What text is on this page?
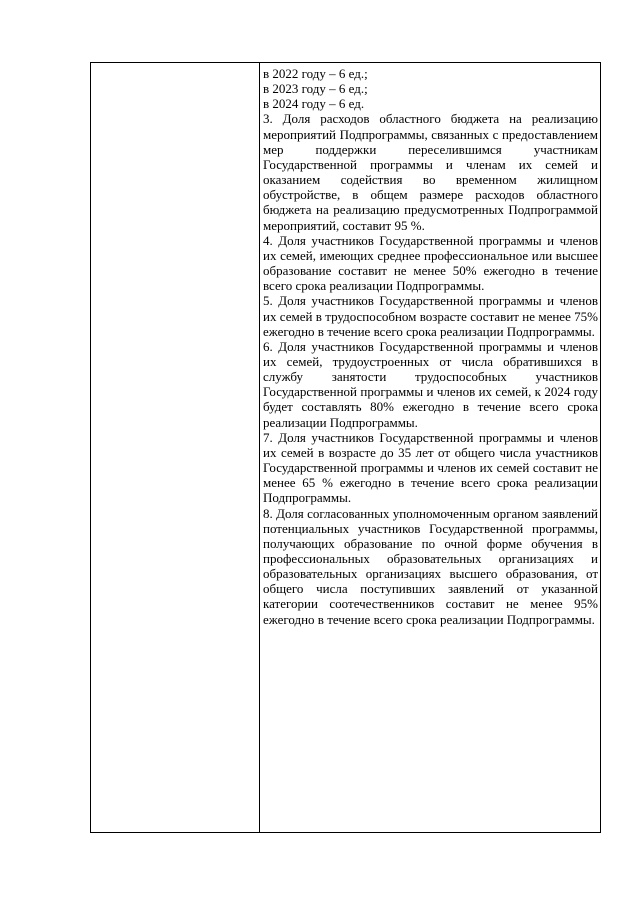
в 2022 году – 6 ед.;
в 2023 году – 6 ед.;
в 2024 году – 6 ед.
3. Доля расходов областного бюджета на реализацию мероприятий Подпрограммы, связанных с предоставлением мер поддержки переселившимся участникам Государственной программы и членам их семей и оказанием содействия во временном жилищном обустройстве, в общем размере расходов областного бюджета на реализацию предусмотренных Подпрограммой мероприятий, составит 95 %.
4. Доля участников Государственной программы и членов их семей, имеющих среднее профессиональное или высшее образование составит не менее 50% ежегодно в течение всего срока реализации Подпрограммы.
5. Доля участников Государственной программы и членов их семей в трудоспособном возрасте составит не менее 75% ежегодно в течение всего срока реализации Подпрограммы.
6. Доля участников Государственной программы и членов их семей, трудоустроенных от числа обратившихся в службу занятости трудоспособных участников Государственной программы и членов их семей, к 2024 году будет составлять 80% ежегодно в течение всего срока реализации Подпрограммы.
7. Доля участников Государственной программы и членов их семей в возрасте до 35 лет от общего числа участников Государственной программы и членов их семей составит не менее 65 % ежегодно в течение всего срока реализации Подпрограммы.
8. Доля согласованных уполномоченным органом заявлений потенциальных участников Государственной программы, получающих образование по очной форме обучения в профессиональных образовательных организациях и образовательных организациях высшего образования, от общего числа поступивших заявлений от указанной категории соотечественников составит не менее 95% ежегодно в течение всего срока реализации Подпрограммы.
